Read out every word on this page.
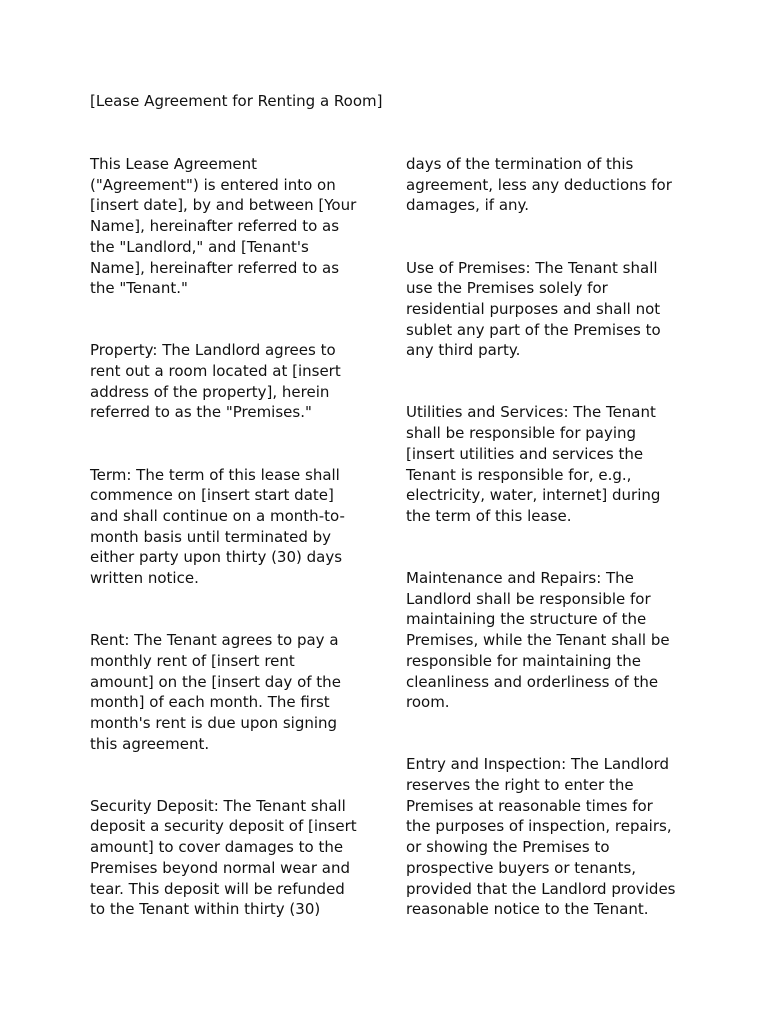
[Lease Agreement for Renting a Room]

This Lease Agreement
("Agreement") is entered into on
[insert date], by and between [Your
Name], hereinafter referred to as
the "Landlord," and [Tenant's
Name], hereinafter referred to as
the "Tenant."

Property: The Landlord agrees to
rent out a room located at [insert
address of the property], herein
referred to as the "Premises."

Term: The term of this lease shall
commence on [insert start date]
and shall continue on a month-to-
month basis until terminated by
either party upon thirty (30) days
written notice.

Rent: The Tenant agrees to pay a
monthly rent of [insert rent
amount] on the [insert day of the
month] of each month. The first
month's rent is due upon signing
this agreement.

Security Deposit: The Tenant shall
deposit a security deposit of [insert
amount] to cover damages to the
Premises beyond normal wear and
tear. This deposit will be refunded
to the Tenant within thirty (30)

days of the termination of this
agreement, less any deductions for
damages, if any.

Use of Premises: The Tenant shall
use the Premises solely for
residential purposes and shall not
sublet any part of the Premises to
any third party.

Utilities and Services: The Tenant
shall be responsible for paying
[insert utilities and services the
Tenant is responsible for, e.g.,
electricity, water, internet] during
the term of this lease.

Maintenance and Repairs: The
Landlord shall be responsible for
maintaining the structure of the
Premises, while the Tenant shall be
responsible for maintaining the
cleanliness and orderliness of the
room.

Entry and Inspection: The Landlord
reserves the right to enter the
Premises at reasonable times for
the purposes of inspection, repairs,
or showing the Premises to
prospective buyers or tenants,
provided that the Landlord provides
reasonable notice to the Tenant.
